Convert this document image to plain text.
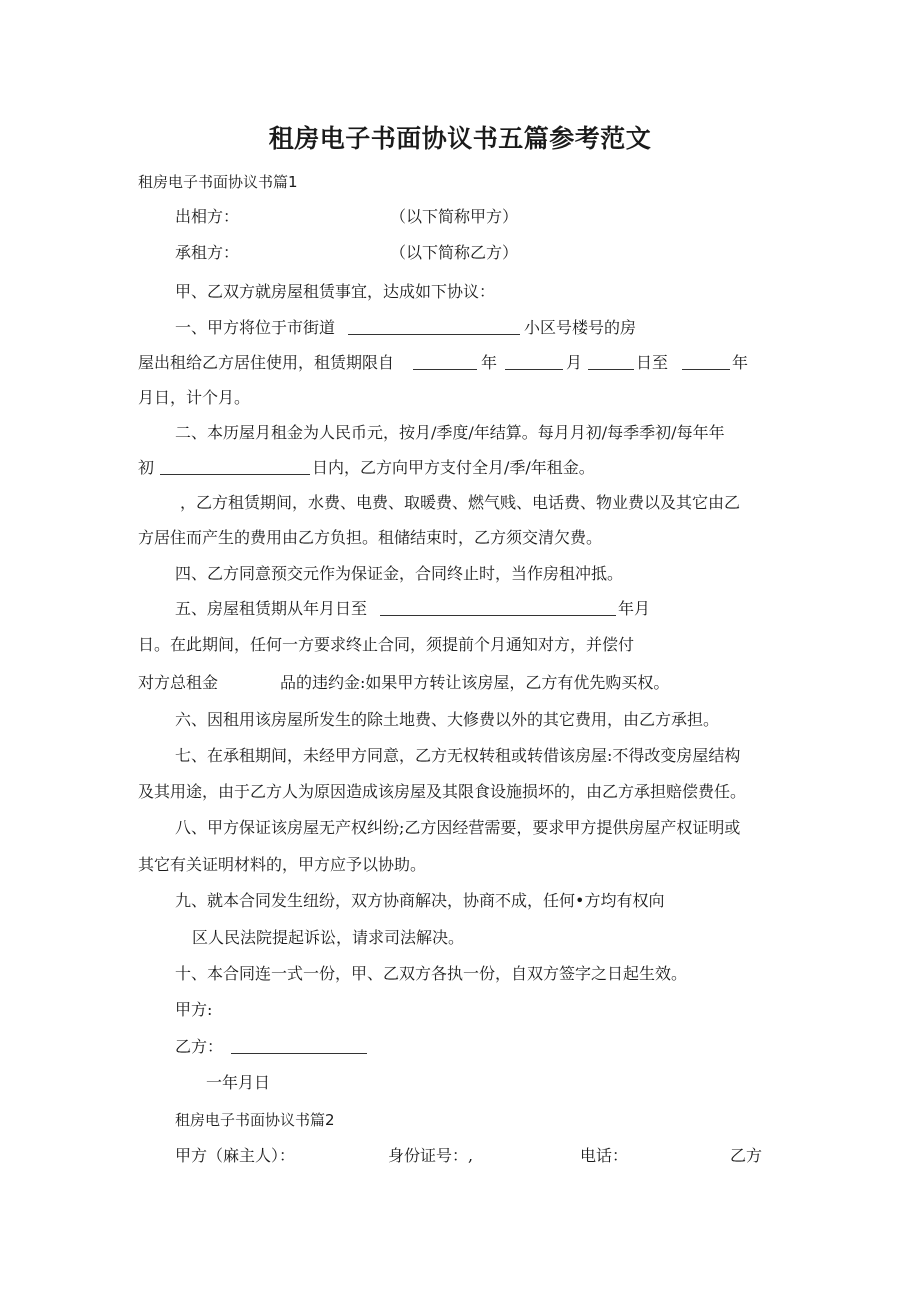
租房电子书面协议书五篇参考范文
租房电子书面协议书篇1
出相方：	（以下简称甲方）
承租方：	（以下简称乙方）
甲、乙双方就房屋租赁事宜，达成如下协议：
一、甲方将位于市街道	小区号楼号的房
屋出租给乙方居住使用，租赁期限自	年	月	日至	年
月日，计个月。
二、本历屋月租金为人民币元，按月/季度/年结算。每月月初/每季季初/每年年
初	日内，乙方向甲方支付全月/季/年租金。
，乙方租赁期间，水费、电费、取暖费、燃气贱、电话费、物业费以及其它由乙
方居住而产生的费用由乙方负担。租储结束时，乙方须交清欠费。
四、乙方同意预交元作为保证金，合同终止时，当作房租冲抵。
五、房屋租赁期从年月日至	年月
日。在此期间，任何一方要求终止合同，须提前个月通知对方，并偿付
对方总租金	品的违约金:如果甲方转让该房屋，乙方有优先购买权。
六、因租用该房屋所发生的除土地费、大修费以外的其它费用，由乙方承担。
七、在承租期间，未经甲方同意，乙方无权转租或转借该房屋:不得改变房屋结构
及其用途，由于乙方人为原因造成该房屋及其限食设施损坏的，由乙方承担赔偿费任。
八、甲方保证该房屋无产权纠纷;乙方因经营需要，要求甲方提供房屋产权证明或
其它有关证明材料的，甲方应予以协助。
九、就本合同发生纽纷，双方协商解决，协商不成，任何•方均有权向
区人民法院提起诉讼，请求司法解决。
十、本合同连一式一份，甲、乙双方各执一份，自双方签字之日起生效。
甲方:
乙方：
一年月日
租房电子书面协议书篇2
甲方（麻主人）：	身份证号：,	电话：	乙方
